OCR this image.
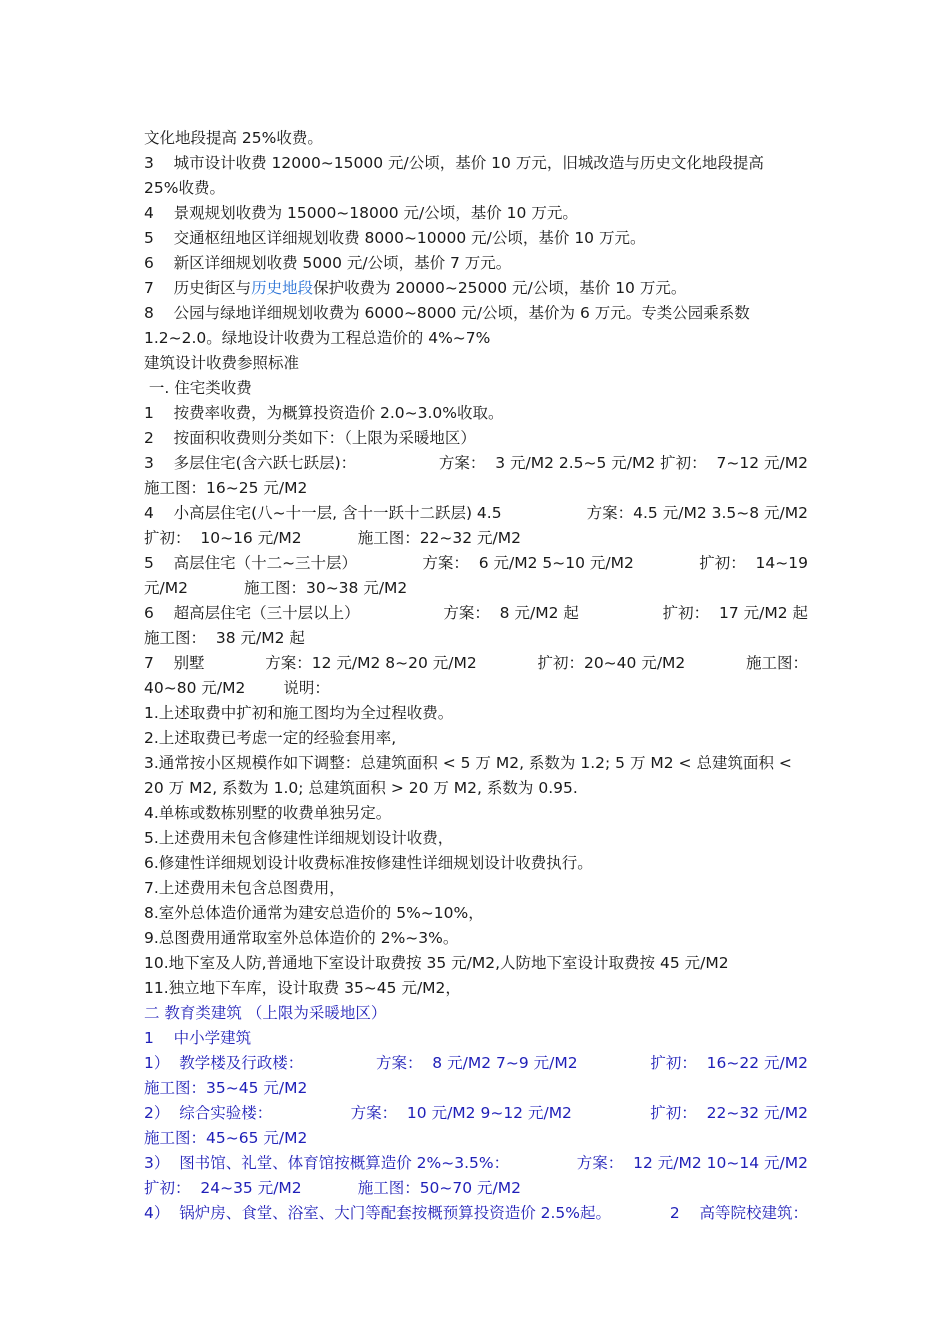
文化地段提高 25%收费。
3    城市设计收费 12000~15000 元/公顷，基价 10 万元，旧城改造与历史文化地段提高
25%收费。
4    景观规划收费为 15000~18000 元/公顷，基价 10 万元。
5    交通枢纽地区详细规划收费 8000~10000 元/公顷，基价 10 万元。
6    新区详细规划收费 5000 元/公顷，基价 7 万元。
7    历史街区与历史地段保护收费为 20000~25000 元/公顷，基价 10 万元。
8    公园与绿地详细规划收费为 6000~8000 元/公顷，基价为 6 万元。专类公园乘系数
1.2~2.0。绿地设计收费为工程总造价的 4%~7%
建筑设计收费参照标准
一. 住宅类收费
1    按费率收费，为概算投资造价 2.0~3.0%收取。
2    按面积收费则分类如下：（上限为采暖地区）
3    多层住宅(含六跃七跃层)：	方案：  3 元/M2 2.5~5 元/M2 扩初：  7~12 元/M2
施工图：16~25 元/M2
4    小高层住宅(八~十一层, 含十一跃十二跃层) 4.5	方案：4.5 元/M2 3.5~8 元/M2
扩初：  10~16 元/M2	施工图：22~32 元/M2
5    高层住宅（十二~三十层）	方案：  6 元/M2 5~10 元/M2	扩初：  14~19
元/M2	施工图：30~38 元/M2
6    超高层住宅（三十层以上）	方案：  8 元/M2 起	扩初：  17 元/M2 起
施工图：  38 元/M2 起
7    别墅	方案：12 元/M2 8~20 元/M2	扩初：20~40 元/M2	施工图：
40~80 元/M2 说明：
1.上述取费中扩初和施工图均为全过程收费。
2.上述取费已考虑一定的经验套用率,
3.通常按小区规模作如下调整：总建筑面积 < 5 万 M2, 系数为 1.2; 5 万 M2 < 总建筑面积 <
20 万 M2, 系数为 1.0; 总建筑面积 > 20 万 M2, 系数为 0.95.
4.单栋或数栋别墅的收费单独另定。
5.上述费用未包含修建性详细规划设计收费，
6.修建性详细规划设计收费标准按修建性详细规划设计收费执行。
7.上述费用未包含总图费用，
8.室外总体造价通常为建安总造价的 5%~10%，
9.总图费用通常取室外总体造价的 2%~3%。
10.地下室及人防,普通地下室设计取费按 35 元/M2,人防地下室设计取费按 45 元/M2
11.独立地下车库，设计取费 35~45 元/M2，
二 教育类建筑 （上限为采暖地区）
1    中小学建筑
1）  教学楼及行政楼：	方案：  8 元/M2 7~9 元/M2	扩初：  16~22 元/M2
施工图：35~45 元/M2
2）  综合实验楼：	方案：  10 元/M2 9~12 元/M2	扩初：  22~32 元/M2
施工图：45~65 元/M2
3）  图书馆、礼堂、体育馆按概算造价 2%~3.5%：	方案：  12 元/M2 10~14 元/M2
扩初：  24~35 元/M2	施工图：50~70 元/M2
4）  锅炉房、食堂、浴室、大门等配套按概预算投资造价 2.5%起。	2    高等院校建筑：
